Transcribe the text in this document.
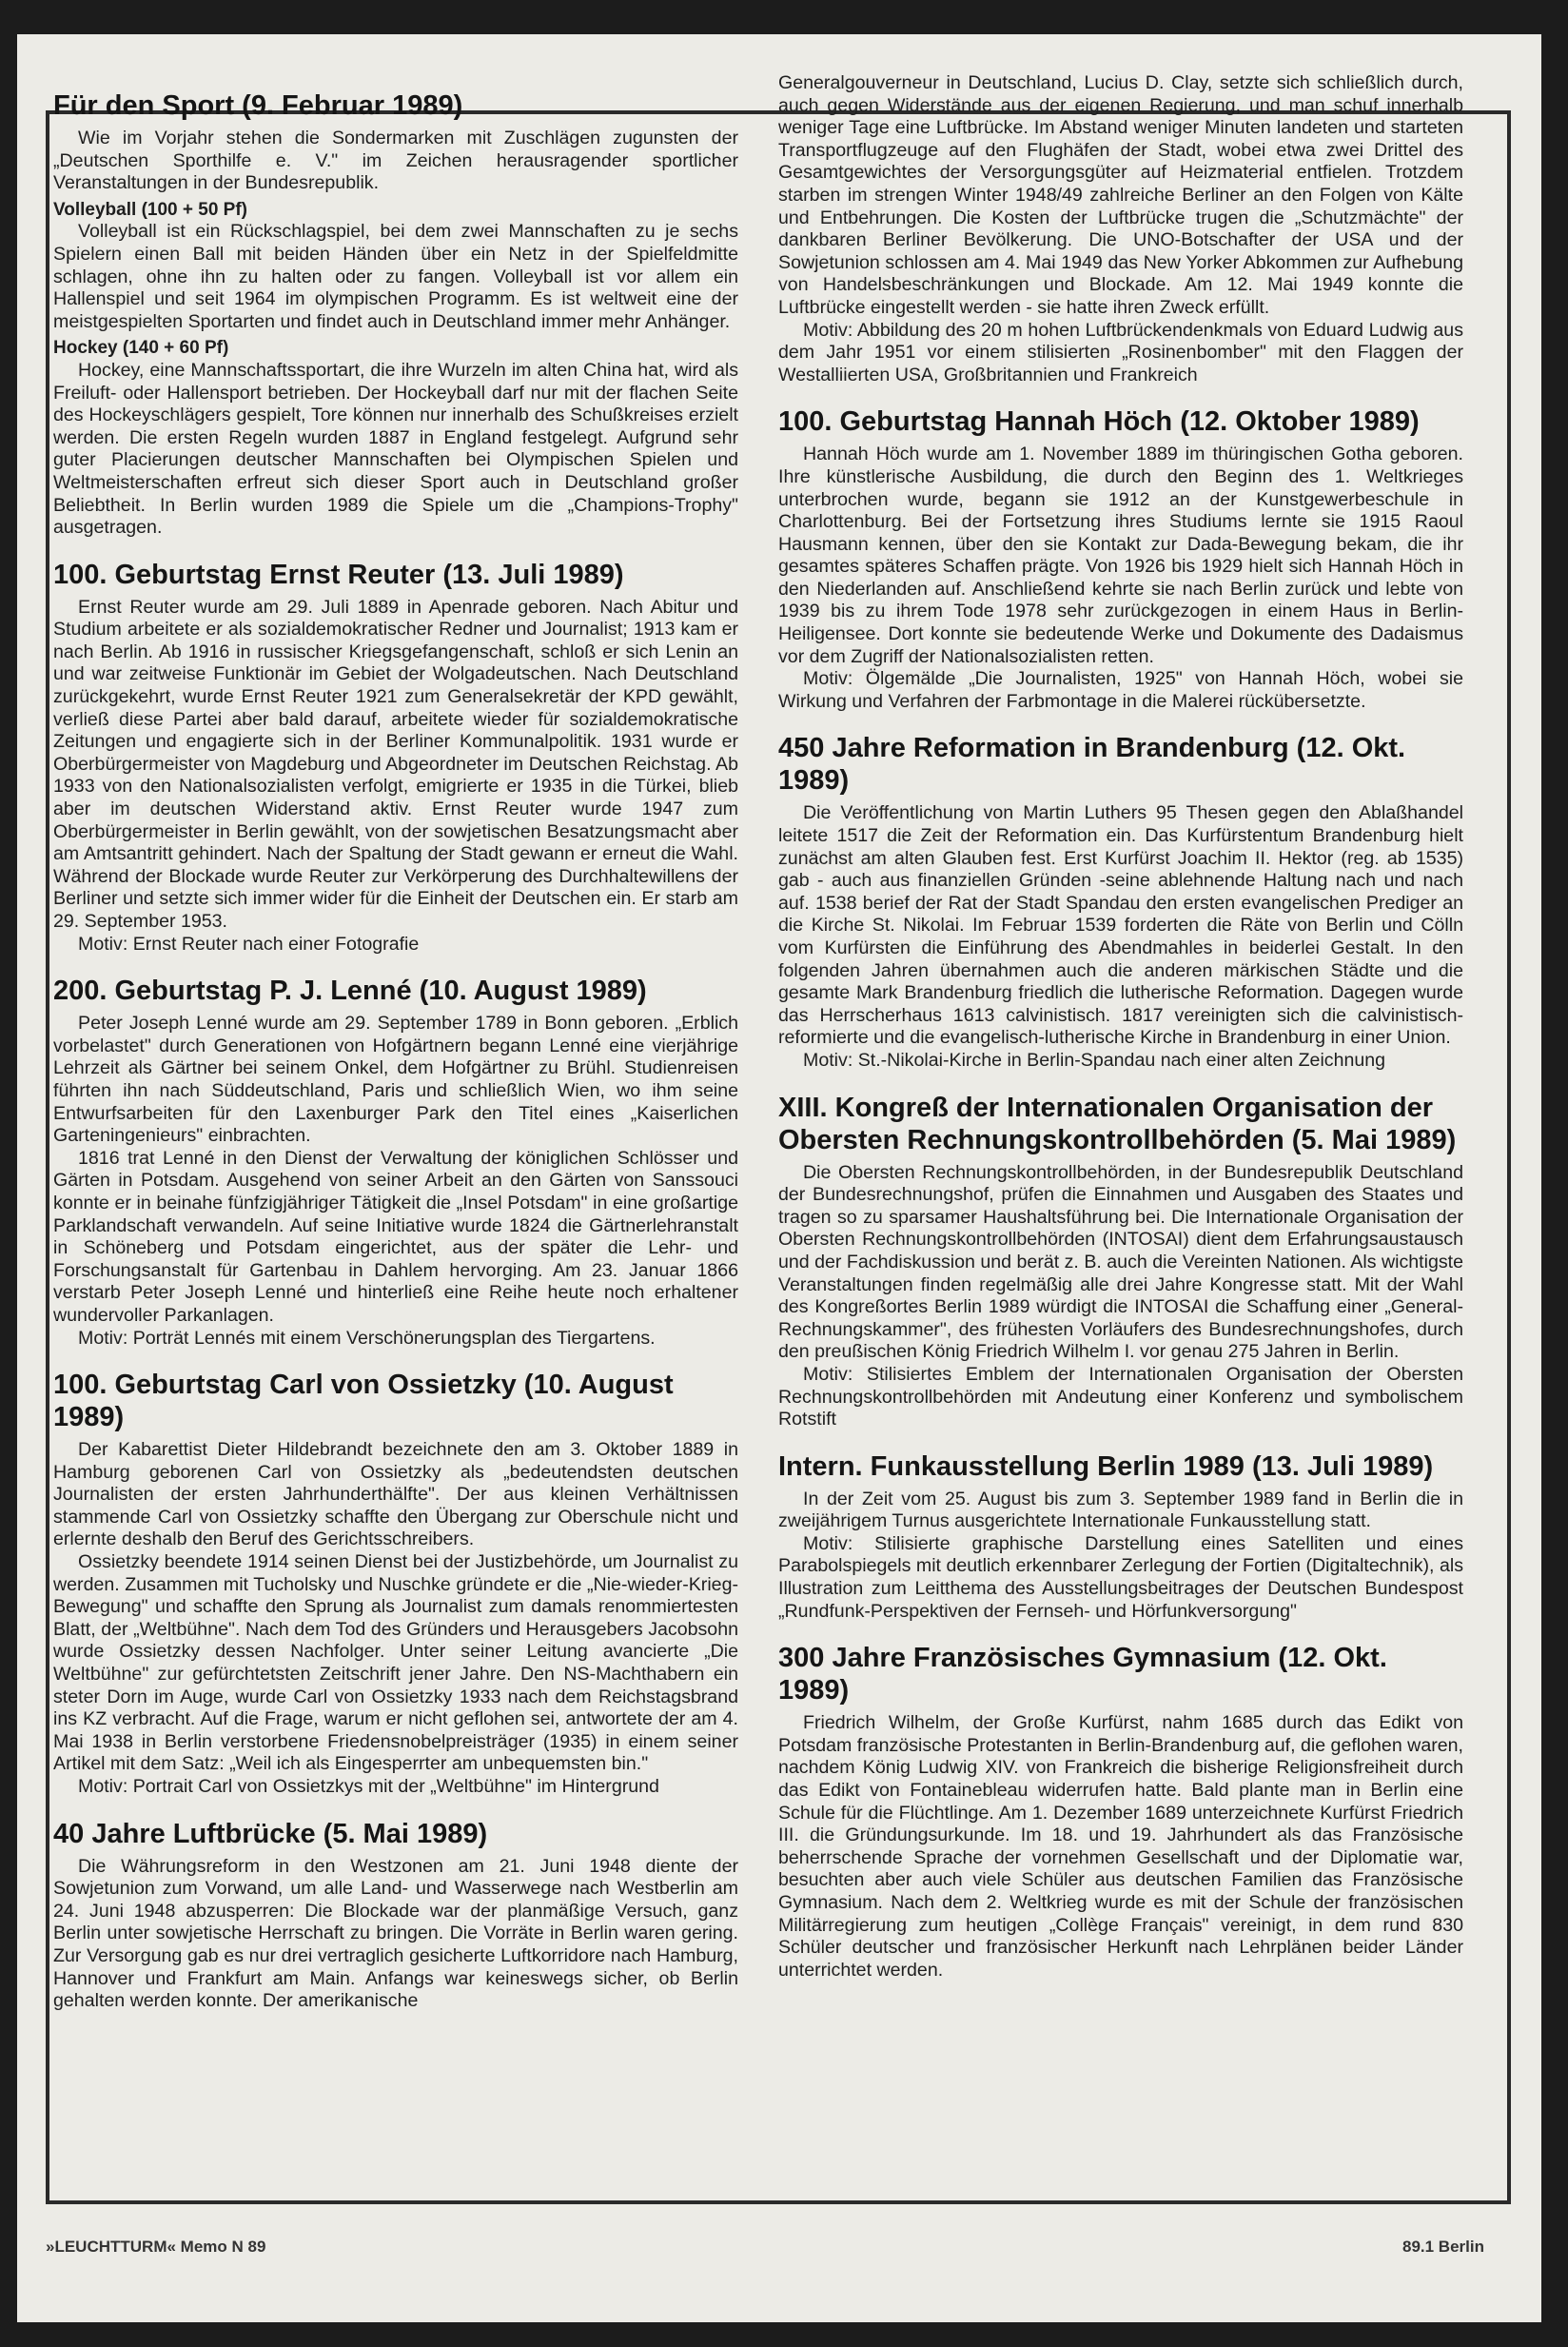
Für den Sport (9. Februar 1989)

Wie im Vorjahr stehen die Sondermarken mit Zuschlägen zugunsten der „Deutschen Sporthilfe e. V." im Zeichen herausragender sportlicher Veranstaltungen in der Bundesrepublik.

Volleyball (100 + 50 Pf)

Volleyball ist ein Rückschlagspiel, bei dem zwei Mannschaften zu je sechs Spielern einen Ball mit beiden Händen über ein Netz in der Spielfeldmitte schlagen, ohne ihn zu halten oder zu fangen. Volleyball ist vor allem ein Hallenspiel und seit 1964 im olympischen Programm. Es ist weltweit eine der meistgespielten Sportarten und findet auch in Deutschland immer mehr Anhänger.

Hockey (140 + 60 Pf)

Hockey, eine Mannschaftssportart, die ihre Wurzeln im alten China hat, wird als Freiluft- oder Hallensport betrieben. Der Hockeyball darf nur mit der flachen Seite des Hockeyschlägers gespielt, Tore können nur innerhalb des Schußkreises erzielt werden. Die ersten Regeln wurden 1887 in England festgelegt. Aufgrund sehr guter Placierungen deutscher Mannschaften bei Olympischen Spielen und Weltmeisterschaften erfreut sich dieser Sport auch in Deutschland großer Beliebtheit. In Berlin wurden 1989 die Spiele um die „Champions-Trophy" ausgetragen.

100. Geburtstag Ernst Reuter (13. Juli 1989)

Ernst Reuter wurde am 29. Juli 1889 in Apenrade geboren. Nach Abitur und Studium arbeitete er als sozialdemokratischer Redner und Journalist; 1913 kam er nach Berlin. Ab 1916 in russischer Kriegsgefangenschaft, schloß er sich Lenin an und war zeitweise Funktionär im Gebiet der Wolgadeutschen. Nach Deutschland zurückgekehrt, wurde Ernst Reuter 1921 zum Generalsekretär der KPD gewählt, verließ diese Partei aber bald darauf, arbeitete wieder für sozialdemokratische Zeitungen und engagierte sich in der Berliner Kommunalpolitik. 1931 wurde er Oberbürgermeister von Magdeburg und Abgeordneter im Deutschen Reichstag. Ab 1933 von den Nationalsozialisten verfolgt, emigrierte er 1935 in die Türkei, blieb aber im deutschen Widerstand aktiv. Ernst Reuter wurde 1947 zum Oberbürgermeister in Berlin gewählt, von der sowjetischen Besatzungsmacht aber am Amtsantritt gehindert. Nach der Spaltung der Stadt gewann er erneut die Wahl. Während der Blockade wurde Reuter zur Verkörperung des Durchhaltewillens der Berliner und setzte sich immer wider für die Einheit der Deutschen ein. Er starb am 29. September 1953.

Motiv: Ernst Reuter nach einer Fotografie

200. Geburtstag P. J. Lenné (10. August 1989)

Peter Joseph Lenné wurde am 29. September 1789 in Bonn geboren. „Erblich vorbelastet" durch Generationen von Hofgärtnern begann Lenné eine vierjährige Lehrzeit als Gärtner bei seinem Onkel, dem Hofgärtner zu Brühl. Studienreisen führten ihn nach Süddeutschland, Paris und schließlich Wien, wo ihm seine Entwurfsarbeiten für den Laxenburger Park den Titel eines „Kaiserlichen Garteningenieurs" einbrachten.

1816 trat Lenné in den Dienst der Verwaltung der königlichen Schlösser und Gärten in Potsdam. Ausgehend von seiner Arbeit an den Gärten von Sanssouci konnte er in beinahe fünfzigjähriger Tätigkeit die „Insel Potsdam" in eine großartige Parklandschaft verwandeln. Auf seine Initiative wurde 1824 die Gärtnerlehranstalt in Schöneberg und Potsdam eingerichtet, aus der später die Lehr- und Forschungsanstalt für Gartenbau in Dahlem hervorging. Am 23. Januar 1866 verstarb Peter Joseph Lenné und hinterließ eine Reihe heute noch erhaltener wundervoller Parkanlagen.

Motiv: Porträt Lennés mit einem Verschönerungsplan des Tiergartens.

100. Geburtstag Carl von Ossietzky (10. August 1989)

Der Kabarettist Dieter Hildebrandt bezeichnete den am 3. Oktober 1889 in Hamburg geborenen Carl von Ossietzky als „bedeutendsten deutschen Journalisten der ersten Jahrhunderthälfte". Der aus kleinen Verhältnissen stammende Carl von Ossietzky schaffte den Übergang zur Oberschule nicht und erlernte deshalb den Beruf des Gerichtsschreibers.

Ossietzky beendete 1914 seinen Dienst bei der Justizbehörde, um Journalist zu werden. Zusammen mit Tucholsky und Nuschke gründete er die „Nie-wieder-Krieg-Bewegung" und schaffte den Sprung als Journalist zum damals renommiertesten Blatt, der „Weltbühne". Nach dem Tod des Gründers und Herausgebers Jacobsohn wurde Ossietzky dessen Nachfolger. Unter seiner Leitung avancierte „Die Weltbühne" zur gefürchtetsten Zeitschrift jener Jahre. Den NS-Machthabern ein steter Dorn im Auge, wurde Carl von Ossietzky 1933 nach dem Reichstagsbrand ins KZ verbracht. Auf die Frage, warum er nicht geflohen sei, antwortete der am 4. Mai 1938 in Berlin verstorbene Friedensnobelpreisträger (1935) in einem seiner Artikel mit dem Satz: „Weil ich als Eingesperrter am unbequemsten bin."

Motiv: Portrait Carl von Ossietzkys mit der „Weltbühne" im Hintergrund

40 Jahre Luftbrücke (5. Mai 1989)

Die Währungsreform in den Westzonen am 21. Juni 1948 diente der Sowjetunion zum Vorwand, um alle Land- und Wasserwege nach Westberlin am 24. Juni 1948 abzusperren: Die Blockade war der planmäßige Versuch, ganz Berlin unter sowjetische Herrschaft zu bringen. Die Vorräte in Berlin waren gering. Zur Versorgung gab es nur drei vertraglich gesicherte Luftkorridore nach Hamburg, Hannover und Frankfurt am Main. Anfangs war keineswegs sicher, ob Berlin gehalten werden konnte. Der amerikanische

Generalgouverneur in Deutschland, Lucius D. Clay, setzte sich schließlich durch, auch gegen Widerstände aus der eigenen Regierung, und man schuf innerhalb weniger Tage eine Luftbrücke. Im Abstand weniger Minuten landeten und starteten Transportflugzeuge auf den Flughäfen der Stadt, wobei etwa zwei Drittel des Gesamtgewichtes der Versorgungsgüter auf Heizmaterial entfielen. Trotzdem starben im strengen Winter 1948/49 zahlreiche Berliner an den Folgen von Kälte und Entbehrungen. Die Kosten der Luftbrücke trugen die „Schutzmächte" der dankbaren Berliner Bevölkerung. Die UNO-Botschafter der USA und der Sowjetunion schlossen am 4. Mai 1949 das New Yorker Abkommen zur Aufhebung von Handelsbeschränkungen und Blockade. Am 12. Mai 1949 konnte die Luftbrücke eingestellt werden - sie hatte ihren Zweck erfüllt.

Motiv: Abbildung des 20 m hohen Luftbrückendenkmals von Eduard Ludwig aus dem Jahr 1951 vor einem stilisierten „Rosinenbomber" mit den Flaggen der Westalliierten USA, Großbritannien und Frankreich

100. Geburtstag Hannah Höch (12. Oktober 1989)

Hannah Höch wurde am 1. November 1889 im thüringischen Gotha geboren. Ihre künstlerische Ausbildung, die durch den Beginn des 1. Weltkrieges unterbrochen wurde, begann sie 1912 an der Kunstgewerbeschule in Charlottenburg. Bei der Fortsetzung ihres Studiums lernte sie 1915 Raoul Hausmann kennen, über den sie Kontakt zur Dada-Bewegung bekam, die ihr gesamtes späteres Schaffen prägte. Von 1926 bis 1929 hielt sich Hannah Höch in den Niederlanden auf. Anschließend kehrte sie nach Berlin zurück und lebte von 1939 bis zu ihrem Tode 1978 sehr zurückgezogen in einem Haus in Berlin-Heiligensee. Dort konnte sie bedeutende Werke und Dokumente des Dadaismus vor dem Zugriff der Nationalsozialisten retten.

Motiv: Ölgemälde „Die Journalisten, 1925" von Hannah Höch, wobei sie Wirkung und Verfahren der Farbmontage in die Malerei rückübersetzte.

450 Jahre Reformation in Brandenburg (12. Okt. 1989)

Die Veröffentlichung von Martin Luthers 95 Thesen gegen den Ablaßhandel leitete 1517 die Zeit der Reformation ein. Das Kurfürstentum Brandenburg hielt zunächst am alten Glauben fest. Erst Kurfürst Joachim II. Hektor (reg. ab 1535) gab - auch aus finanziellen Gründen -seine ablehnende Haltung nach und nach auf. 1538 berief der Rat der Stadt Spandau den ersten evangelischen Prediger an die Kirche St. Nikolai. Im Februar 1539 forderten die Räte von Berlin und Cölln vom Kurfürsten die Einführung des Abendmahles in beiderlei Gestalt. In den folgenden Jahren übernahmen auch die anderen märkischen Städte und die gesamte Mark Brandenburg friedlich die lutherische Reformation. Dagegen wurde das Herrscherhaus 1613 calvinistisch. 1817 vereinigten sich die calvinistisch-reformierte und die evangelisch-lutherische Kirche in Brandenburg in einer Union.

Motiv: St.-Nikolai-Kirche in Berlin-Spandau nach einer alten Zeichnung

XIII. Kongreß der Internationalen Organisation der Obersten Rechnungskontrollbehörden (5. Mai 1989)

Die Obersten Rechnungskontrollbehörden, in der Bundesrepublik Deutschland der Bundesrechnungshof, prüfen die Einnahmen und Ausgaben des Staates und tragen so zu sparsamer Haushaltsführung bei. Die Internationale Organisation der Obersten Rechnungskontrollbehörden (INTOSAI) dient dem Erfahrungsaustausch und der Fachdiskussion und berät z. B. auch die Vereinten Nationen. Als wichtigste Veranstaltungen finden regelmäßig alle drei Jahre Kongresse statt. Mit der Wahl des Kongreßortes Berlin 1989 würdigt die INTOSAI die Schaffung einer „General-Rechnungskammer", des frühesten Vorläufers des Bundesrechnungshofes, durch den preußischen König Friedrich Wilhelm I. vor genau 275 Jahren in Berlin.

Motiv: Stilisiertes Emblem der Internationalen Organisation der Obersten Rechnungskontrollbehörden mit Andeutung einer Konferenz und symbolischem Rotstift

Intern. Funkausstellung Berlin 1989 (13. Juli 1989)

In der Zeit vom 25. August bis zum 3. September 1989 fand in Berlin die in zweijährigem Turnus ausgerichtete Internationale Funkausstellung statt.

Motiv: Stilisierte graphische Darstellung eines Satelliten und eines Parabolspiegels mit deutlich erkennbarer Zerlegung der Fortien (Digitaltechnik), als Illustration zum Leitthema des Ausstellungsbeitrages der Deutschen Bundespost „Rundfunk-Perspektiven der Fernseh- und Hörfunkversorgung"

300 Jahre Französisches Gymnasium (12. Okt. 1989)

Friedrich Wilhelm, der Große Kurfürst, nahm 1685 durch das Edikt von Potsdam französische Protestanten in Berlin-Brandenburg auf, die geflohen waren, nachdem König Ludwig XIV. von Frankreich die bisherige Religionsfreiheit durch das Edikt von Fontainebleau widerrufen hatte. Bald plante man in Berlin eine Schule für die Flüchtlinge. Am 1. Dezember 1689 unterzeichnete Kurfürst Friedrich III. die Gründungsurkunde. Im 18. und 19. Jahrhundert als das Französische beherrschende Sprache der vornehmen Gesellschaft und der Diplomatie war, besuchten aber auch viele Schüler aus deutschen Familien das Französische Gymnasium. Nach dem 2. Weltkrieg wurde es mit der Schule der französischen Militärregierung zum heutigen „Collège Français" vereinigt, in dem rund 830 Schüler deutscher und französischer Herkunft nach Lehrplänen beider Länder unterrichtet werden.

»LEUCHTTURM« Memo N 89	89.1 Berlin
